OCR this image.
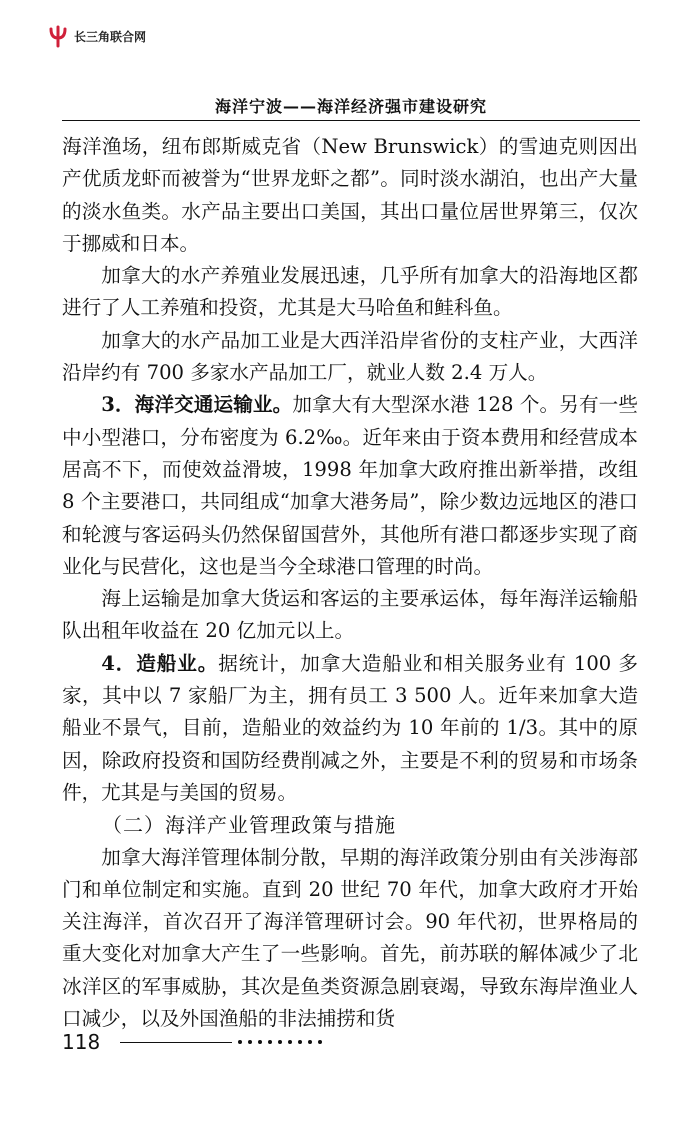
长三角联合网
海洋宁波——海洋经济强市建设研究

海洋渔场，纽布郎斯威克省（New Brunswick）的雪迪克则因出产优质龙虾而被誉为“世界龙虾之都”。同时淡水湖泊，也出产大量的淡水鱼类。水产品主要出口美国，其出口量位居世界第三，仅次于挪威和日本。

加拿大的水产养殖业发展迅速，几乎所有加拿大的沿海地区都进行了人工养殖和投资，尤其是大马哈鱼和鲑科鱼。

加拿大的水产品加工业是大西洋沿岸省份的支柱产业，大西洋沿岸约有 700 多家水产品加工厂，就业人数 2.4 万人。

3．海洋交通运输业。加拿大有大型深水港 128 个。另有一些中小型港口，分布密度为 6.2‰。近年来由于资本费用和经营成本居高不下，而使效益滑坡，1998 年加拿大政府推出新举措，改组 8 个主要港口，共同组成“加拿大港务局”，除少数边远地区的港口和轮渡与客运码头仍然保留国营外，其他所有港口都逐步实现了商业化与民营化，这也是当今全球港口管理的时尚。

海上运输是加拿大货运和客运的主要承运体，每年海洋运输船队出租年收益在 20 亿加元以上。

4．造船业。据统计，加拿大造船业和相关服务业有 100 多家，其中以 7 家船厂为主，拥有员工 3 500 人。近年来加拿大造船业不景气，目前，造船业的效益约为 10 年前的 1/3。其中的原因，除政府投资和国防经费削减之外，主要是不利的贸易和市场条件，尤其是与美国的贸易。

（二）海洋产业管理政策与措施

加拿大海洋管理体制分散，早期的海洋政策分别由有关涉海部门和单位制定和实施。直到 20 世纪 70 年代，加拿大政府才开始关注海洋，首次召开了海洋管理研讨会。90 年代初，世界格局的重大变化对加拿大产生了一些影响。首先，前苏联的解体减少了北冰洋区的军事威胁，其次是鱼类资源急剧衰竭，导致东海岸渔业人口减少，以及外国渔船的非法捕捞和货

118
